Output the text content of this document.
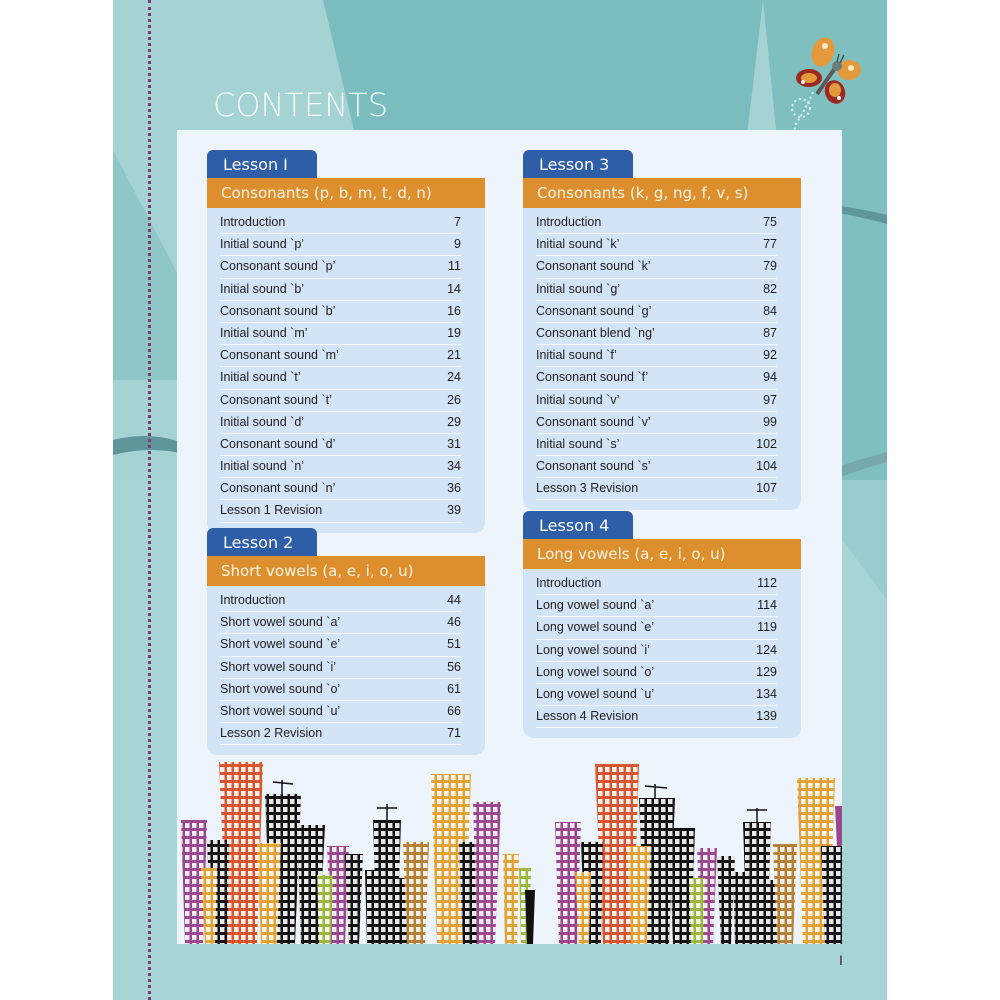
CONTENTS
Lesson I
Consonants (p, b, m, t, d, n)
Introduction	7
Initial sound `p’	9
Consonant sound `p’	11
Initial sound `b’	14
Consonant sound `b’	16
Initial sound `m’	19
Consonant sound `m’	21
Initial sound `t’	24
Consonant sound `t’	26
Initial sound `d’	29
Consonant sound `d’	31
Initial sound `n’	34
Consonant sound `n’	36
Lesson 1 Revision	39
Lesson 2
Short vowels (a, e, i, o, u)
Introduction	44
Short vowel sound `a’	46
Short vowel sound `e’	51
Short vowel sound `i’	56
Short vowel sound `o’	61
Short vowel sound `u’	66
Lesson 2 Revision	71
Lesson 3
Consonants (k, g, ng, f, v, s)
Introduction	75
Initial sound `k’	77
Consonant sound `k’	79
Initial sound `g’	82
Consonant sound `g’	84
Consonant blend `ng’	87
Initial sound `f’	92
Consonant sound `f’	94
Initial sound `v’	97
Consonant sound `v’	99
Initial sound `s’	102
Consonant sound `s’	104
Lesson 3 Revision	107
Lesson 4
Long vowels (a, e, i, o, u)
Introduction	112
Long vowel sound `a’	114
Long vowel sound `e’	119
Long vowel sound `i’	124
Long vowel sound `o’	129
Long vowel sound `u’	134
Lesson 4 Revision	139
I
